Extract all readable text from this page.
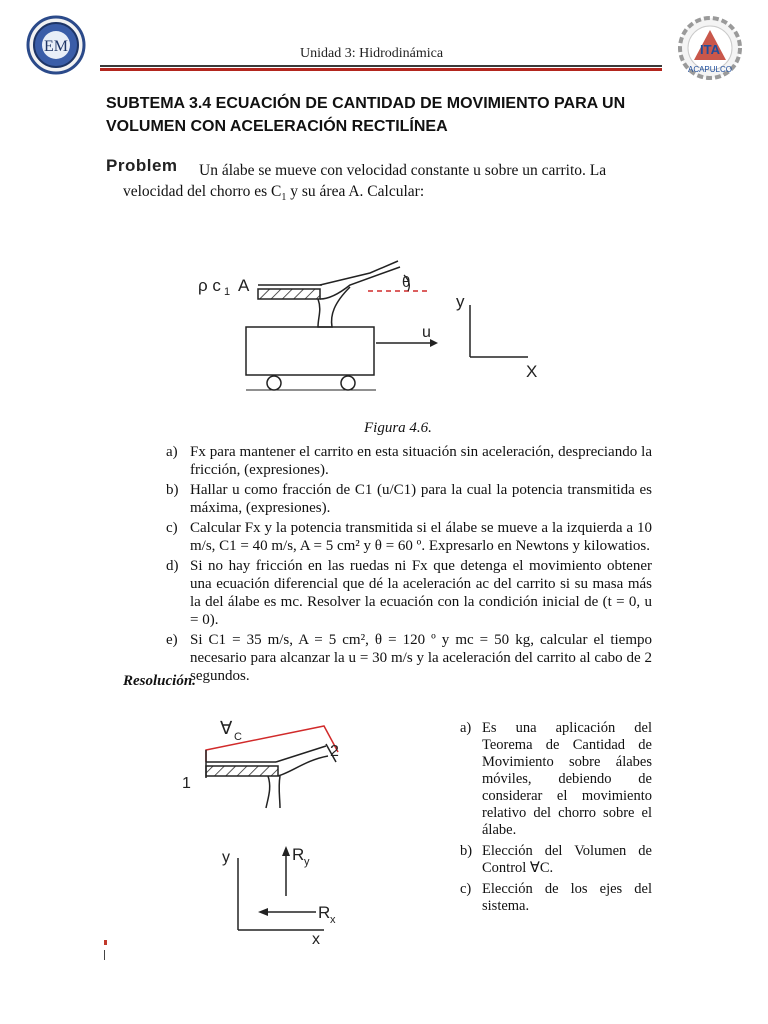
EM	Unidad 3: Hidrodinámica	ITA
ACAPULCO
SUBTEMA 3.4 ECUACIÓN DE CANTIDAD DE MOVIMIENTO PARA UN VOLUMEN CON ACELERACIÓN RECTILÍNEA
Problem	Un álabe se mueve con velocidad constante u sobre un carrito. La velocidad del chorro es $C_1$ y su área A. Calcular:
θ
ρ c 1 A
u
y
X
Figura 4.6.
a) Fx para mantener el carrito en esta situación sin aceleración, despreciando la fricción, (expresiones).
b) Hallar u como fracción de C1 (u/C1) para la cual la potencia transmitida es máxima, (expresiones).
c) Calcular Fx y la potencia transmitida si el álabe se mueve a la izquierda a 10 m/s, C1 = 40 m/s, A = 5 cm² y θ = 60 º. Expresarlo en Newtons y kilowatios.
d) Si no hay fricción en las ruedas ni Fx que detenga el movimiento obtener una ecuación diferencial que dé la aceleración ac del carrito si su masa más la del álabe es mc. Resolver la ecuación con la condición inicial de (t = 0, u = 0).
e) Si C1 = 35 m/s, A = 5 cm², θ = 120 º y mc = 50 kg, calcular el tiempo necesario para alcanzar la u = 30 m/s y la aceleración del carrito al cabo de 2 segundos.
Resolución.
∀ C
1
2
y
x
R y
R x
a) Es una aplicación del Teorema de Cantidad de Movimiento sobre álabes móviles, debiendo de considerar el movimiento relativo del chorro sobre el álabe.
b) Elección del Volumen de Control ∀C.
c) Elección de los ejes del sistema.
